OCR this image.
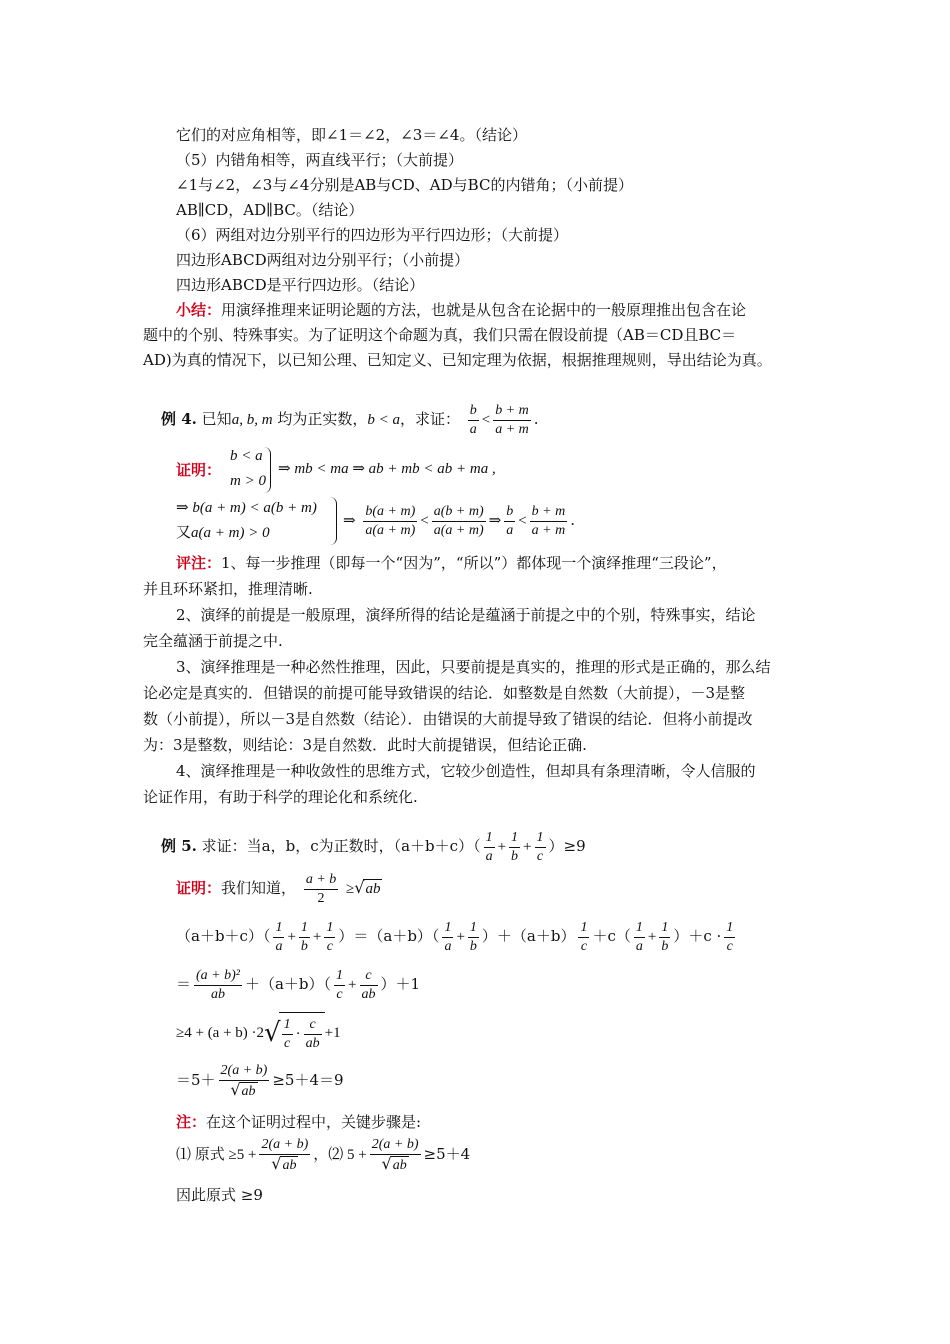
它们的对应角相等，即∠1＝∠2，∠3＝∠4。（结论）
（5）内错角相等，两直线平行；（大前提）
∠1与∠2，∠3与∠4分别是AB与CD、AD与BC的内错角；（小前提）
AB∥CD，AD∥BC。（结论）
（6）两组对边分别平行的四边形为平行四边形；（大前提）
四边形ABCD两组对边分别平行；（小前提）
四边形ABCD是平行四边形。（结论）
小结：用演绎推理来证明论题的方法，也就是从包含在论据中的一般原理推出包含在论
题中的个别、特殊事实。为了证明这个命题为真，我们只需在假设前提（AB＝CD且BC＝
AD)为真的情况下，以已知公理、已知定义、已知定理为依据，根据推理规则，导出结论为真。
例 4. 已知a, b, m 均为正实数，b < a，求证： $\frac{b}{a} < \frac{b + m}{a + m}$ .
证明：
b < a
m > 0
⇒ mb < ma ⇒ ab + mb < ab + ma ,
⇒ b(a + m) < a(b + m)
又a(a + m) > 0
⇒ $\frac{b(a + m)}{a(a + m)} < \frac{a(b + m)}{a(a + m)}$ ⇒ $\frac{b}{a} < \frac{b + m}{a + m}$ .
评注：1、每一步推理（即每一个“因为”，“所以”）都体现一个演绎推理“三段论”，
并且环环紧扣，推理清晰.
2、演绎的前提是一般原理，演绎所得的结论是蕴涵于前提之中的个别，特殊事实，结论
完全蕴涵于前提之中.
3、演绎推理是一种必然性推理，因此，只要前提是真实的，推理的形式是正确的，那么结
论必定是真实的．但错误的前提可能导致错误的结论．如整数是自然数（大前提），－3是整
数（小前提），所以－3是自然数（结论）．由错误的大前提导致了错误的结论．但将小前提改
为：3是整数，则结论：3是自然数．此时大前提错误，但结论正确.
4、演绎推理是一种收敛性的思维方式，它较少创造性，但却具有条理清晰，令人信服的
论证作用，有助于科学的理论化和系统化.
例 5. 求证：当a，b，c为正数时，$(a+b+c)( \frac{1}{a} + \frac{1}{b} + \frac{1}{c} )\ge 9$
证明：我们知道， $\frac{a + b}{2} \ge√ab$
$(a+b+c)( \frac{1}{a} + \frac{1}{b} + \frac{1}{c} )=(a+b)( \frac{1}{a} + \frac{1}{b} )+(a+b) \frac{1}{c} +c( \frac{1}{a} + \frac{1}{b} )+c \cdot \frac{1}{c}$
＝ $\frac{\text{(a + b)²}}{ab} +(a+b)( \frac{1}{c} + \frac{c}{ab} )+1$
$\ge 4 + (a + b) \cdot 2√ \frac{1}{c} \cdot \frac{c}{ab} +1$
$=5+ \frac{2(a + b)}{√ab} \ge 5+4=9$
注：在这个证明过程中，关键步骤是:
⑴ 原式 $\ge 5 + \frac{2(a + b)}{√ab}$ ，⑵ $5 + \frac{2(a + b)}{√ab} \ge 5+4$
因此原式 ≥9
